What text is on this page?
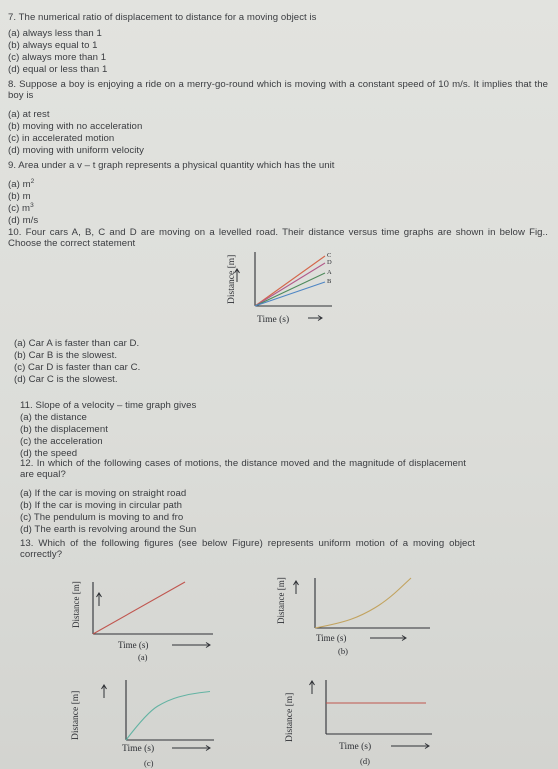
7. The numerical ratio of displacement to distance for a moving object is
(a) always less than 1
(b) always equal to 1
(c) always more than 1
(d) equal or less than 1
8. Suppose a boy is enjoying a ride on a merry-go-round which is moving with a constant speed of 10 m/s. It implies that the boy is
(a) at rest
(b) moving with no acceleration
(c) in accelerated motion
(d) moving with uniform velocity
9. Area under a v – t graph represents a physical quantity which has the unit
(a) $m^2$
(b) m
(c) $m^3$
(d) m/s
10. Four cars A, B, C and D are moving on a levelled road. Their distance versus time graphs are shown in below Fig.. Choose the correct statement
C
D
A
B
Distance [m]
Time (s)
(a) Car A is faster than car D.
(b) Car B is the slowest.
(c) Car D is faster than car C.
(d) Car C is the slowest.
11. Slope of a velocity – time graph gives
(a) the distance
(b) the displacement
(c) the acceleration
(d) the speed
12. In which of the following cases of motions, the distance moved and the magnitude of displacement are equal?
(a) If the car is moving on straight road
(b) If the car is moving in circular path
(c) The pendulum is moving to and fro
(d) The earth is revolving around the Sun
13. Which of the following figures (see below Figure) represents uniform motion of a moving object correctly?
Distance [m]
Time (s)
(a)
Distance [m]
Time (s)
(b)
Distance [m]
Time (s)
(c)
Distance [m]
Time (s)
(d)
